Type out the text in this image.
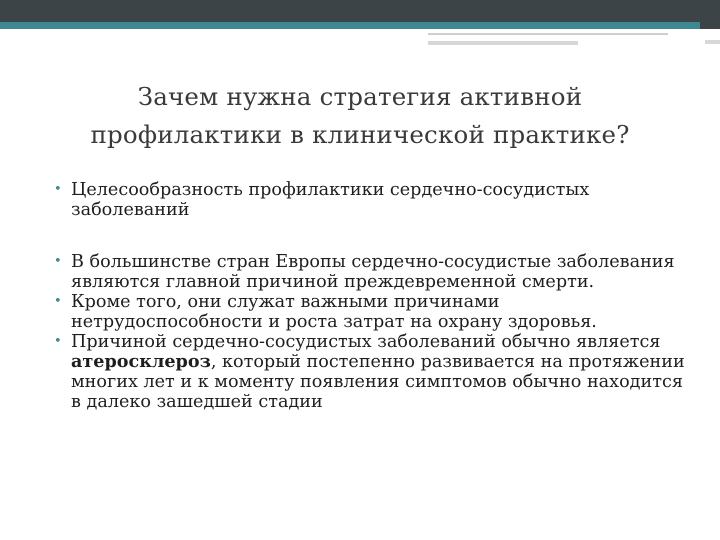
Зачем нужна стратегия активной
профилактики в клинической практике?
• Целесообразность профилактики сердечно-сосудистых заболеваний
• В большинстве стран Европы сердечно-сосудистые заболевания являются главной причиной преждевременной смерти.
• Кроме того, они служат важными причинами нетрудоспособности и роста затрат на охрану здоровья.
• Причиной сердечно-сосудистых заболеваний обычно является атеросклероз, который постепенно развивается на протяжении многих лет и к моменту появления симптомов обычно находится в далеко зашедшей стадии
